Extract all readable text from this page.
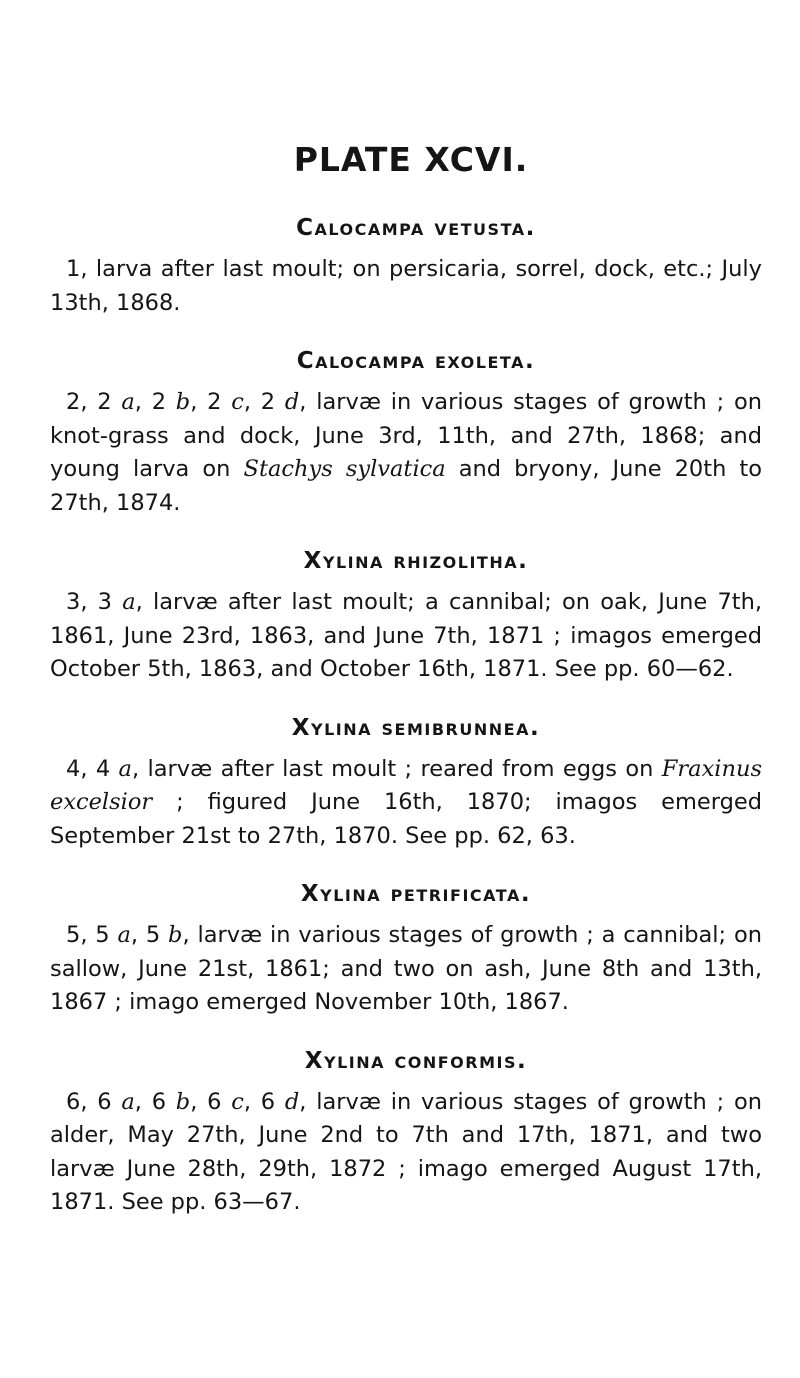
PLATE XCVI.
Calocampa vetusta.

1, larva after last moult; on persicaria, sorrel, dock, etc.; July 13th, 1868.

Calocampa exoleta.

2, 2 a, 2 b, 2 c, 2 d, larvæ in various stages of growth ; on knot-grass and dock, June 3rd, 11th, and 27th, 1868; and young larva on Stachys sylvatica and bryony, June 20th to 27th, 1874.

Xylina rhizolitha.

3, 3 a, larvæ after last moult; a cannibal; on oak, June 7th, 1861, June 23rd, 1863, and June 7th, 1871 ; imagos emerged October 5th, 1863, and October 16th, 1871. See pp. 60—62.

Xylina semibrunnea.

4, 4 a, larvæ after last moult ; reared from eggs on Fraxinus excelsior ; figured June 16th, 1870; imagos emerged September 21st to 27th, 1870. See pp. 62, 63.

Xylina petrificata.

5, 5 a, 5 b, larvæ in various stages of growth ; a cannibal; on sallow, June 21st, 1861; and two on ash, June 8th and 13th, 1867 ; imago emerged November 10th, 1867.

Xylina conformis.

6, 6 a, 6 b, 6 c, 6 d, larvæ in various stages of growth ; on alder, May 27th, June 2nd to 7th and 17th, 1871, and two larvæ June 28th, 29th, 1872 ; imago emerged August 17th, 1871. See pp. 63—67.
